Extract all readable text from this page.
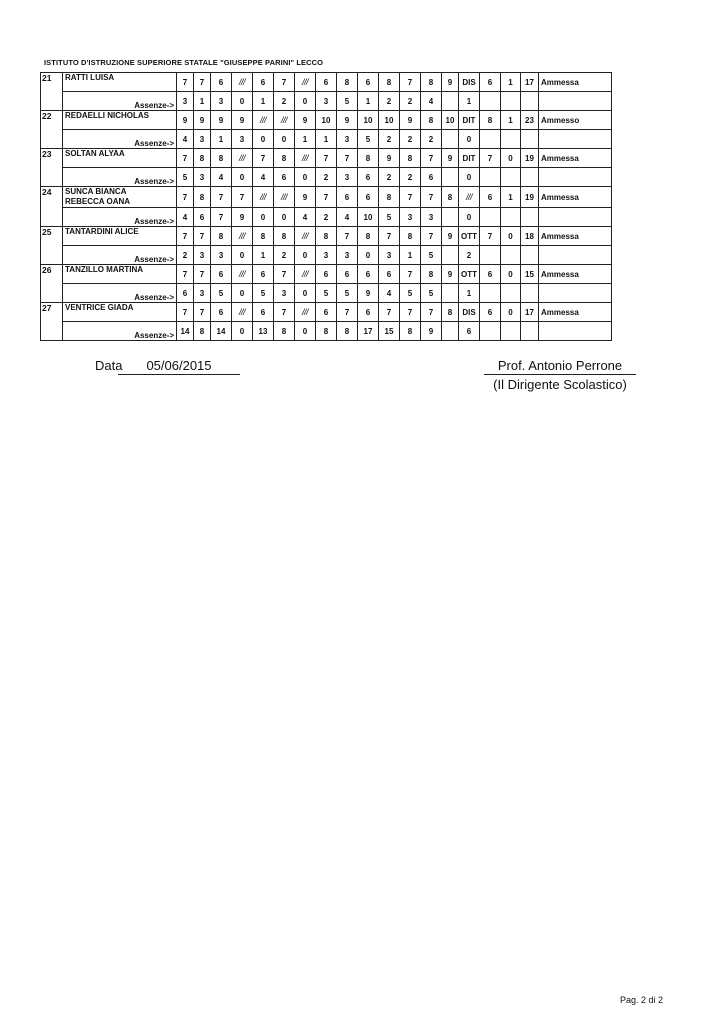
ISTITUTO D'ISTRUZIONE SUPERIORE STATALE "GIUSEPPE PARINI" LECCO
21	RATTI LUISA	7	7	6	///	6	7	///	6	8	6	8	7	8	9	DIS	6	1	17	Ammessa
	Assenze->	3	1	3	0	1	2	0	3	5	1	2	2	4		1				
22	REDAELLI NICHOLAS	9	9	9	9	///	///	9	10	9	10	10	9	8	10	DIT	8	1	23	Ammesso
	Assenze->	4	3	1	3	0	0	1	1	3	5	2	2	2		0				
23	SOLTAN ALYAA	7	8	8	///	7	8	///	7	7	8	9	8	7	9	DIT	7	0	19	Ammessa
	Assenze->	5	3	4	0	4	6	0	2	3	6	2	2	6		0				
24	SUNCA BIANCA
REBECCA OANA	7	8	7	7	///	///	9	7	6	6	8	7	7	8	///	6	1	19	Ammessa
	Assenze->	4	6	7	9	0	0	4	2	4	10	5	3	3		0				
25	TANTARDINI ALICE	7	7	8	///	8	8	///	8	7	8	7	8	7	9	OTT	7	0	18	Ammessa
	Assenze->	2	3	3	0	1	2	0	3	3	0	3	1	5		2				
26	TANZILLO MARTINA	7	7	6	///	6	7	///	6	6	6	6	7	8	9	OTT	6	0	15	Ammessa
	Assenze->	6	3	5	0	5	3	0	5	5	9	4	5	5		1				
27	VENTRICE GIADA	7	7	6	///	6	7	///	6	7	6	7	7	7	8	DIS	6	0	17	Ammessa
	Assenze->	14	8	14	0	13	8	0	8	8	17	15	8	9		6				
Data	05/06/2015	Prof. Antonio Perrone
(Il Dirigente Scolastico)
Pag. 2 di 2
